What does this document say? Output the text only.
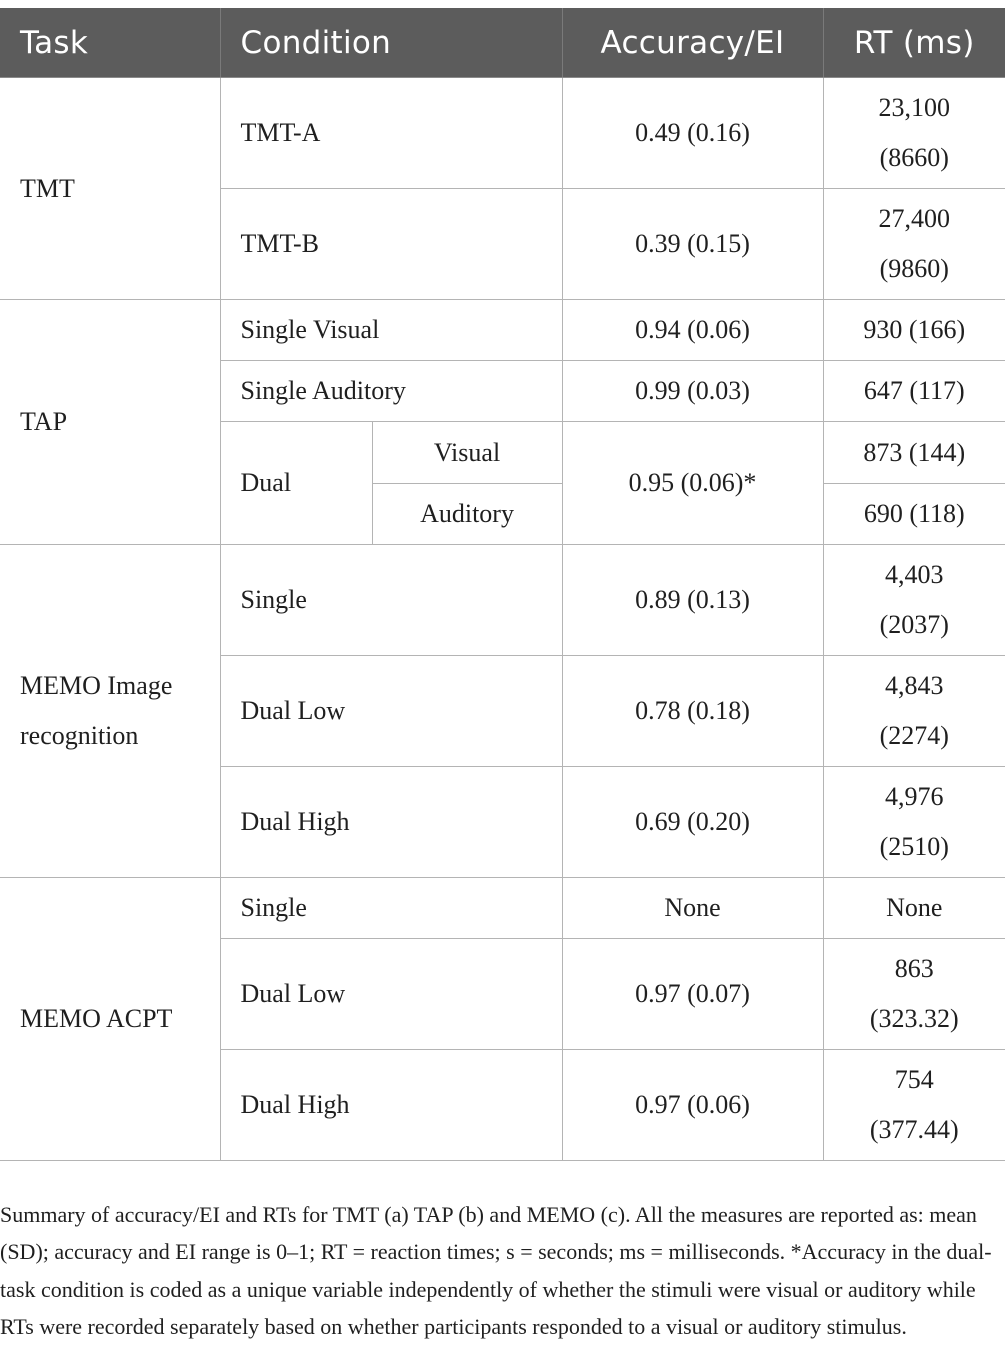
Task	Condition		Accuracy/EI	RT (ms)
TMT	TMT-A		0.49 (0.16)	23,100
(8660)

	TMT-B		0.39 (0.15)	27,400
(9860)

TAP	Single Visual		0.94 (0.06)	930 (166)
	Single Auditory		0.99 (0.03)	647 (117)
	Dual	Visual	0.95 (0.06)*	873 (144)
		Auditory		690 (118)

MEMO Image
recognition	Single		0.89 (0.13)	4,403
(2037)

	Dual Low		0.78 (0.18)	4,843
(2274)

	Dual High		0.69 (0.20)	4,976
(2510)

MEMO ACPT	Single		None	None
	Dual Low		0.97 (0.07)	863
(323.32)

	Dual High		0.97 (0.06)	754
(377.44)

Summary of accuracy/EI and RTs for TMT (a) TAP (b) and MEMO (c). All the measures are reported as: mean (SD); accuracy and EI range is 0–1; RT = reaction times; s = seconds; ms = milliseconds. *Accuracy in the dual-task condition is coded as a unique variable independently of whether the stimuli were visual or auditory while RTs were recorded separately based on whether participants responded to a visual or auditory stimulus.
